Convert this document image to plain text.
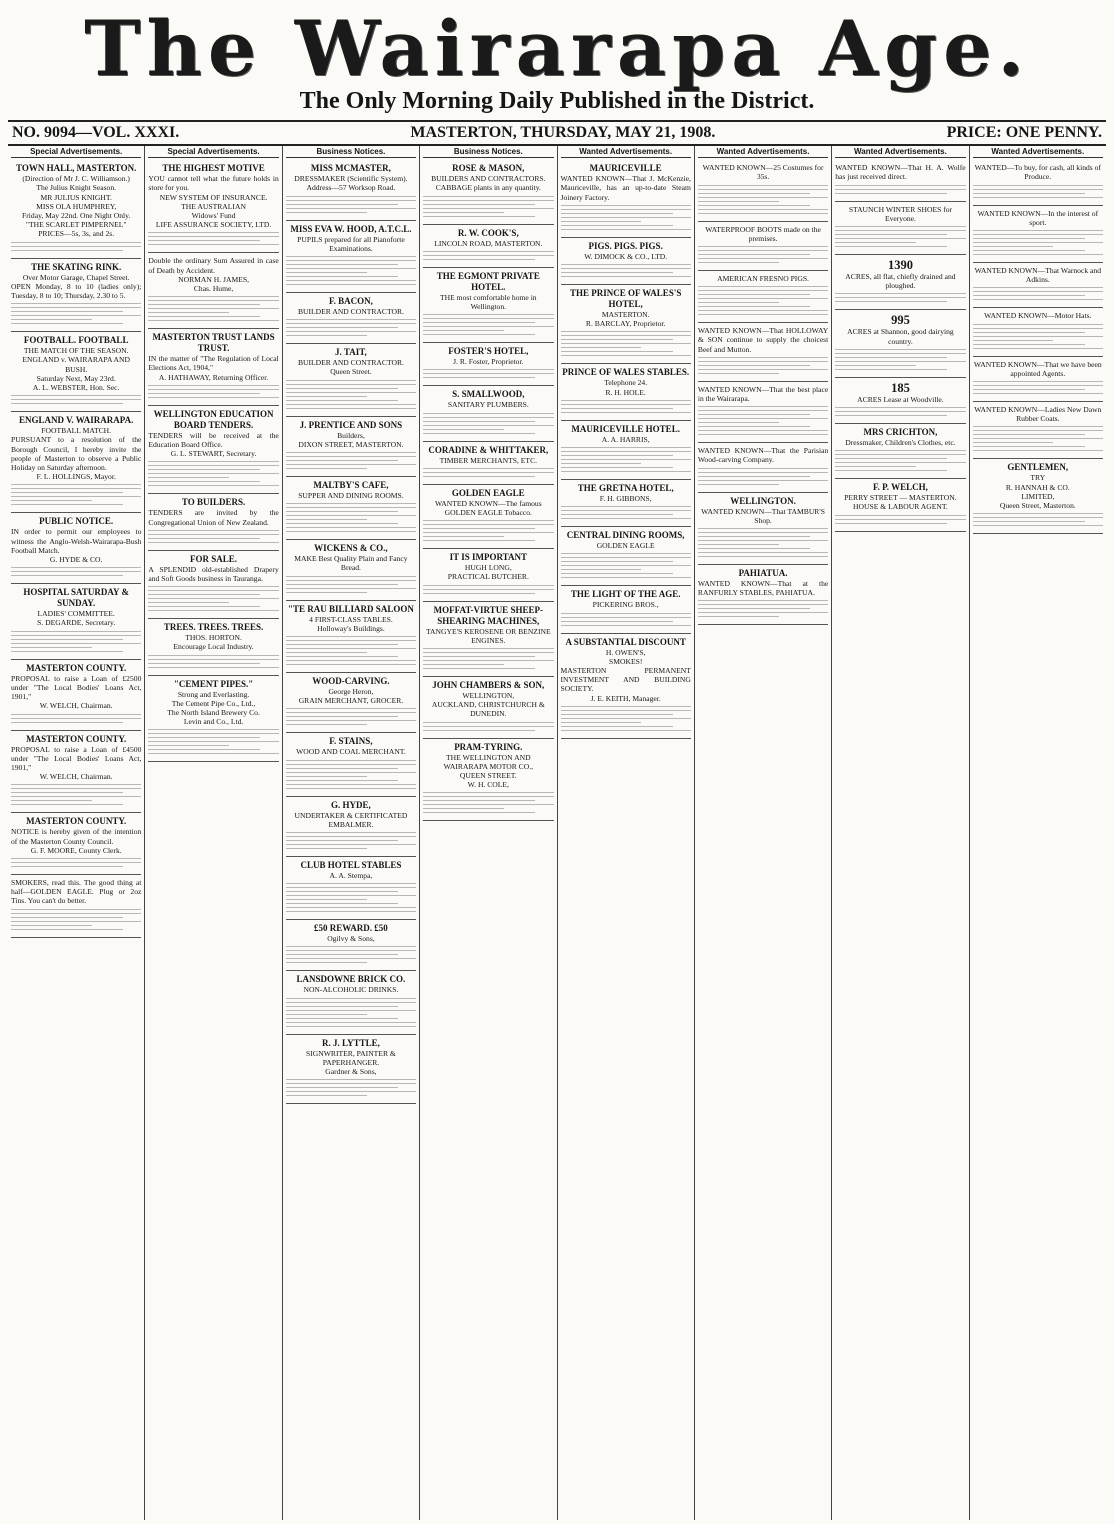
The Wairarapa Age.
The Only Morning Daily Published in the District.
NO. 9094—VOL. XXXI.	MASTERTON, THURSDAY, MAY 21, 1908.	PRICE: ONE PENNY.
Special Advertisements.
TOWN HALL, MASTERTON.
(Direction of Mr J. C. Williamson.)
The Julius Knight Season.
MR JULIUS KNIGHT.
MISS OLA HUMPHREY,
Friday, May 22nd. One Night Only.
"THE SCARLET PIMPERNEL"
PRICES—5s, 3s, and 2s.
THE SKATING RINK.
Over Motor Garage, Chapel Street.
OPEN Monday, 8 to 10 (ladies only); Tuesday, 8 to 10; Thursday, 2.30 to 5.
FOOTBALL. FOOTBALL
THE MATCH OF THE SEASON.
ENGLAND v. WAIRARAPA AND BUSH.
Saturday Next, May 23rd.
A. L. WEBSTER, Hon. Sec.
ENGLAND V. WAIRARAPA.
FOOTBALL MATCH.
PURSUANT to a resolution of the Borough Council, I hereby invite the people of Masterton to observe a Public Holiday on Saturday afternoon.
F. L. HOLLINGS, Mayor.
PUBLIC NOTICE.
IN order to permit our employees to witness the Anglo-Welsh-Wairarapa-Bush Football Match.
G. HYDE & CO.
HOSPITAL SATURDAY & SUNDAY.
LADIES' COMMITTEE.
S. DEGARDE, Secretary.
MASTERTON COUNTY.
PROPOSAL to raise a Loan of £2500 under "The Local Bodies' Loans Act, 1901,"
W. WELCH, Chairman.
MASTERTON COUNTY.
PROPOSAL to raise a Loan of £4500 under "The Local Bodies' Loans Act, 1901,"
W. WELCH, Chairman.
MASTERTON COUNTY.
NOTICE is hereby given of the intention of the Masterton County Council.
G. F. MOORE, County Clerk.
SMOKERS, read this. The good thing at half—GOLDEN EAGLE. Plug or 2oz Tins. You can't do better.
Special Advertisements.
THE HIGHEST MOTIVE
YOU cannot tell what the future holds in store for you.
NEW SYSTEM OF INSURANCE.
THE AUSTRALIAN
Widows' Fund
LIFE ASSURANCE SOCIETY, LTD.
Double the ordinary Sum Assured in case of Death by Accident.
NORMAN H. JAMES,
Chas. Hume,
MASTERTON TRUST LANDS TRUST.
IN the matter of "The Regulation of Local Elections Act, 1904,"
A. HATHAWAY, Returning Officer.
WELLINGTON EDUCATION BOARD TENDERS.
TENDERS will be received at the Education Board Office.
G. L. STEWART, Secretary.
TO BUILDERS.
TENDERS are invited by the Congregational Union of New Zealand.
FOR SALE.
A SPLENDID old-established Drapery and Soft Goods business in Tauranga.
TREES. TREES. TREES.
THOS. HORTON.
Encourage Local Industry.
"CEMENT PIPES."
Strong and Everlasting.
The Cement Pipe Co., Ltd.,
The North Island Brewery Co.
Levin and Co., Ltd.
Business Notices.
MISS MCMASTER,
DRESSMAKER (Scientific System).
Address—57 Worksop Road.
MISS EVA W. HOOD, A.T.C.L.
PUPILS prepared for all Pianoforte Examinations.
F. BACON,
BUILDER AND CONTRACTOR.
J. TAIT,
BUILDER AND CONTRACTOR.
Queen Street.
J. PRENTICE AND SONS
Builders,
DIXON STREET, MASTERTON.
MALTBY'S CAFE,
SUPPER AND DINING ROOMS.
WICKENS & CO.,
MAKE Best Quality Plain and Fancy Bread.
"TE RAU BILLIARD SALOON
4 FIRST-CLASS TABLES.
Holloway's Buildings.
WOOD-CARVING.
George Heron,
GRAIN MERCHANT, GROCER.
F. STAINS,
WOOD AND COAL MERCHANT.
G. HYDE,
UNDERTAKER & CERTIFICATED EMBALMER.
CLUB HOTEL STABLES
A. A. Stempa,
£50 REWARD. £50
Ogilvy & Sons,
LANSDOWNE BRICK CO.
NON-ALCOHOLIC DRINKS.
R. J. LYTTLE,
SIGNWRITER, PAINTER & PAPERHANGER.
Gardner & Sons,
Business Notices.
ROSE & MASON,
BUILDERS AND CONTRACTORS.
CABBAGE plants in any quantity.
R. W. COOK'S,
LINCOLN ROAD, MASTERTON.
THE EGMONT PRIVATE HOTEL.
THE most comfortable home in Wellington.
FOSTER'S HOTEL,
J. R. Foster, Proprietor.
S. SMALLWOOD,
SANITARY PLUMBERS.
CORADINE & WHITTAKER,
TIMBER MERCHANTS, ETC.
GOLDEN EAGLE
WANTED KNOWN—The famous GOLDEN EAGLE Tobacco.
IT IS IMPORTANT
HUGH LONG,
PRACTICAL BUTCHER.
MOFFAT-VIRTUE SHEEP-SHEARING MACHINES,
TANGYE'S KEROSENE OR BENZINE ENGINES.
JOHN CHAMBERS & SON,
WELLINGTON,
AUCKLAND, CHRISTCHURCH & DUNEDIN.
PRAM-TYRING.
THE WELLINGTON AND WAIRARAPA MOTOR CO.,
QUEEN STREET.
W. H. COLE,
Wanted Advertisements.
MAURICEVILLE
WANTED KNOWN—That J. McKenzie, Mauriceville, has an up-to-date Steam Joinery Factory.
PIGS. PIGS. PIGS.
W. DIMOCK & CO., LTD.
THE PRINCE OF WALES'S HOTEL,
MASTERTON.
R. BARCLAY, Proprietor.
PRINCE OF WALES STABLES.
Telephone 24.
R. H. HOLE.
MAURICEVILLE HOTEL.
A. A. HARRIS,
THE GRETNA HOTEL,
F. H. GIBBONS,
CENTRAL DINING ROOMS,
GOLDEN EAGLE
THE LIGHT OF THE AGE.
PICKERING BROS.,
A SUBSTANTIAL DISCOUNT
H. OWEN'S,
SMOKES!
MASTERTON PERMANENT INVESTMENT AND BUILDING SOCIETY.
J. E. KEITH, Manager.
Wanted Advertisements.
WANTED KNOWN—25 Costumes for 35s.
WATERPROOF BOOTS made on the premises.
AMERICAN FRESNO PIGS.
WANTED KNOWN—That HOLLOWAY & SON continue to supply the choicest Beef and Mutton.
WANTED KNOWN—That the best place in the Wairarapa.
WANTED KNOWN—That the Parisian Wood-carving Company.
WELLINGTON.
WANTED KNOWN—That TAMBUR'S Shop.
PAHIATUA.
WANTED KNOWN—That at the RANFURLY STABLES, PAHIATUA.
Wanted Advertisements.
WANTED KNOWN—That H. A. Wolfe has just received direct.
STAUNCH WINTER SHOES for Everyone.
1390
ACRES, all flat, chiefly drained and ploughed.
995
ACRES at Shannon, good dairying country.
185
ACRES Lease at Woodville.
MRS CRICHTON,
Dressmaker, Children's Clothes, etc.
F. P. WELCH,
PERRY STREET — MASTERTON.
HOUSE & LABOUR AGENT.
Wanted Advertisements.
WANTED—To buy, for cash, all kinds of Produce.
WANTED KNOWN—In the interest of sport.
WANTED KNOWN—That Warnock and Adkins.
WANTED KNOWN—Motor Hats.
WANTED KNOWN—That we have been appointed Agents.
WANTED KNOWN—Ladies New Dawn Rubber Coats.
GENTLEMEN,
TRY
R. HANNAH & CO.
LIMITED,
Queen Street, Masterton.
